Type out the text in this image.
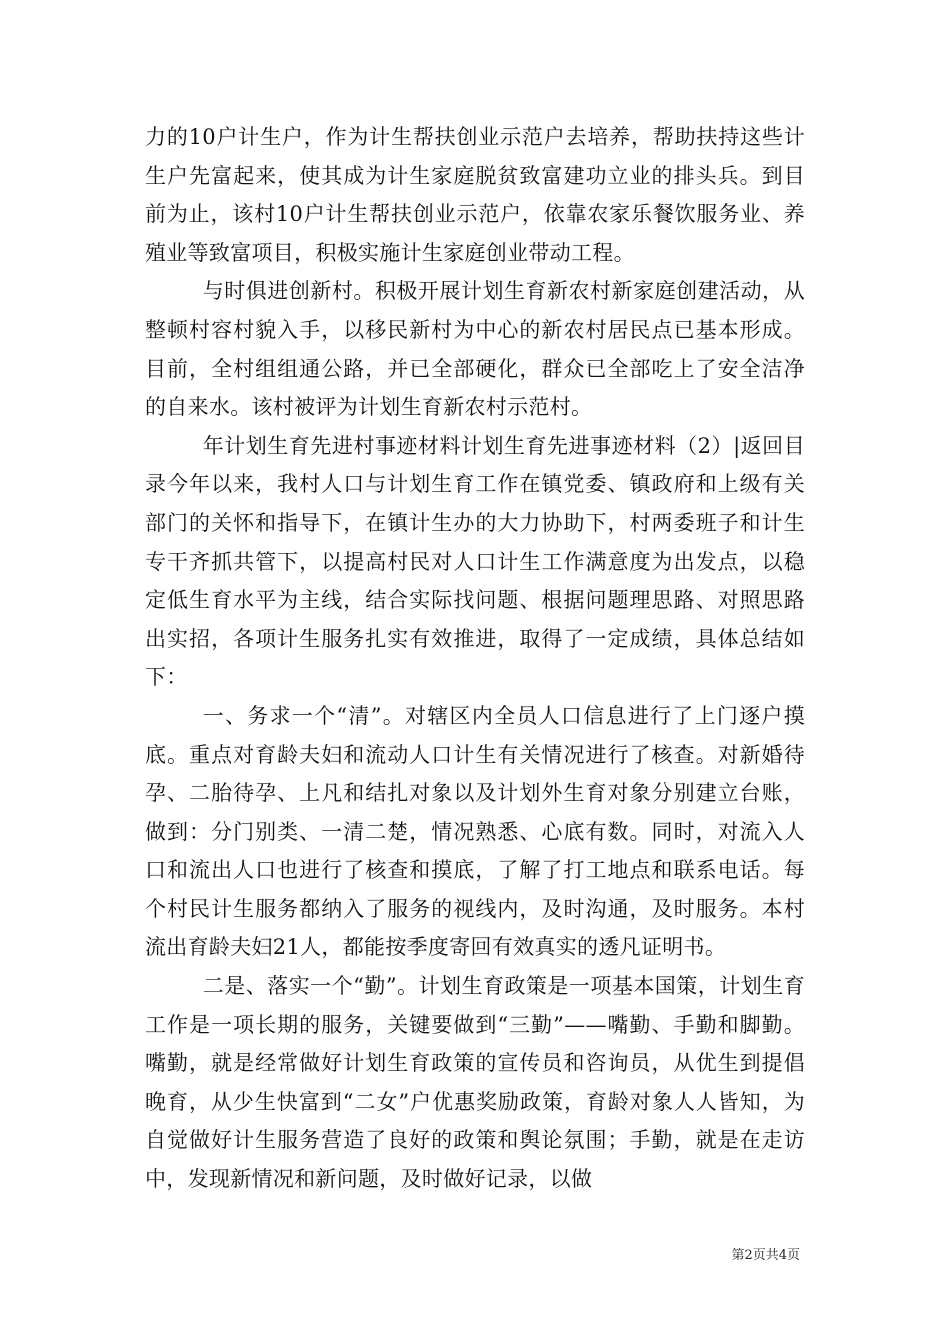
力的10户计生户，作为计生帮扶创业示范户去培养，帮助扶持这些计生户先富起来，使其成为计生家庭脱贫致富建功立业的排头兵。到目前为止，该村10户计生帮扶创业示范户，依靠农家乐餐饮服务业、养殖业等致富项目，积极实施计生家庭创业带动工程。

与时俱进创新村。积极开展计划生育新农村新家庭创建活动，从整顿村容村貌入手，以移民新村为中心的新农村居民点已基本形成。目前，全村组组通公路，并已全部硬化，群众已全部吃上了安全洁净的自来水。该村被评为计划生育新农村示范村。

年计划生育先进村事迹材料计划生育先进事迹材料（2）|返回目录今年以来，我村人口与计划生育工作在镇党委、镇政府和上级有关部门的关怀和指导下，在镇计生办的大力协助下，村两委班子和计生专干齐抓共管下，以提高村民对人口计生工作满意度为出发点，以稳定低生育水平为主线，结合实际找问题、根据问题理思路、对照思路出实招，各项计生服务扎实有效推进，取得了一定成绩，具体总结如下：

一、务求一个“清”。对辖区内全员人口信息进行了上门逐户摸底。重点对育龄夫妇和流动人口计生有关情况进行了核查。对新婚待孕、二胎待孕、上凡和结扎对象以及计划外生育对象分别建立台账，做到：分门别类、一清二楚，情况熟悉、心底有数。同时，对流入人口和流出人口也进行了核查和摸底，了解了打工地点和联系电话。每个村民计生服务都纳入了服务的视线内，及时沟通，及时服务。本村流出育龄夫妇21人，都能按季度寄回有效真实的透凡证明书。

二是、落实一个“勤”。计划生育政策是一项基本国策，计划生育工作是一项长期的服务，关键要做到“三勤”——嘴勤、手勤和脚勤。嘴勤，就是经常做好计划生育政策的宣传员和咨询员，从优生到提倡晚育，从少生快富到“二女”户优惠奖励政策，育龄对象人人皆知，为自觉做好计生服务营造了良好的政策和舆论氛围；手勤，就是在走访中，发现新情况和新问题，及时做好记录，以做

第2页共4页
